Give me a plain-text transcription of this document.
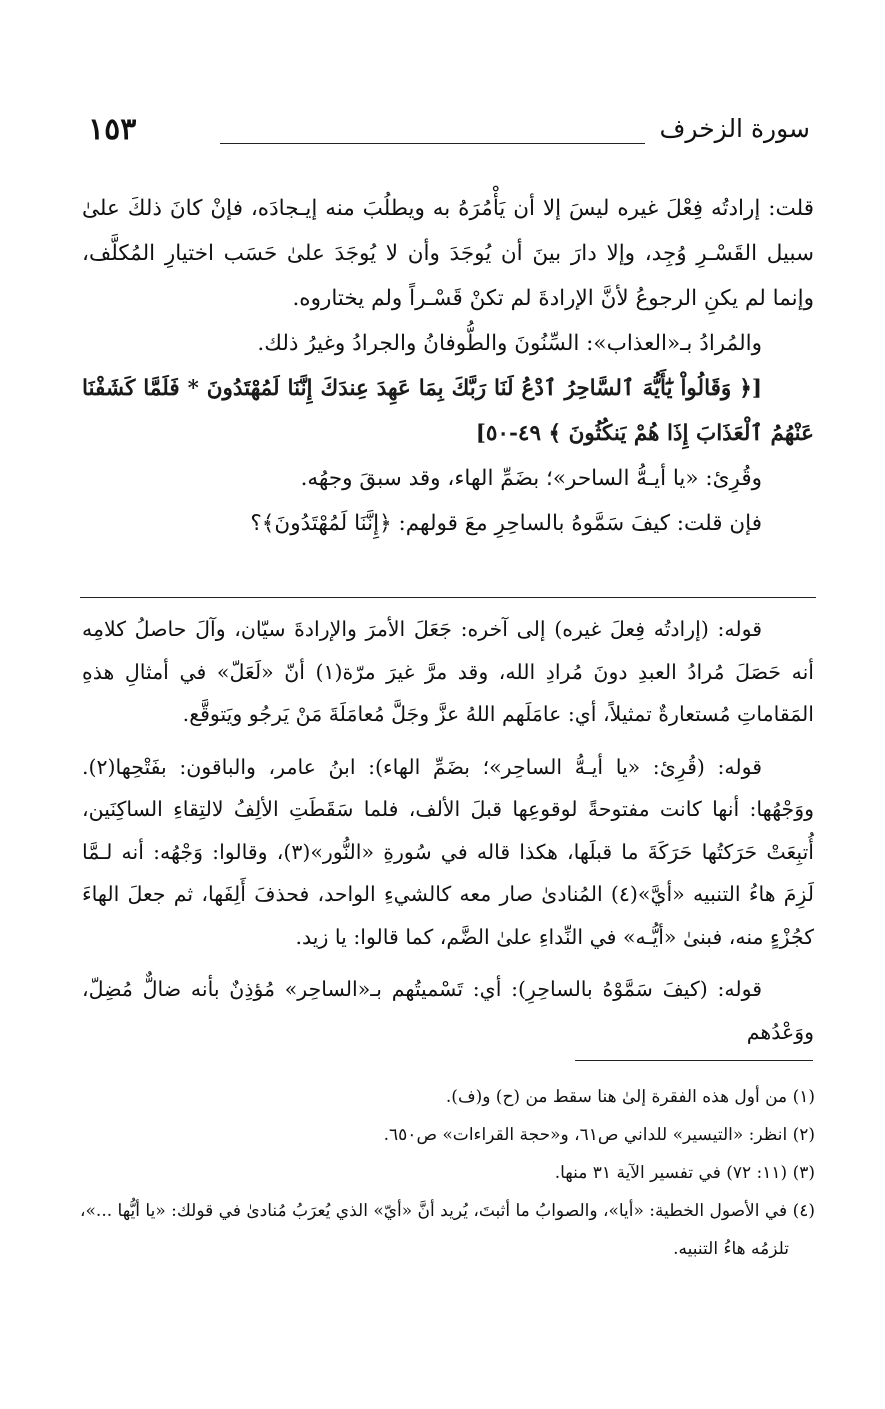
سورة الزخرف
١٥٣

قلت: إرادتُه فِعْلَ غيره ليسَ إلا أن يَأْمُرَهُ به ويطلُبَ منه إيـجادَه، فإنْ كانَ ذلكَ علىٰ سبيل القَسْـرِ وُجِد، وإلا دارَ بينَ أن يُوجَدَ وأن لا يُوجَدَ علىٰ حَسَب اختيارِ المُكلَّف، وإنما لم يكنِ الرجوعُ لأنَّ الإرادةَ لم تكنْ قَسْـراً ولم يختاروه.

والمُرادُ بـ«العذاب»: السِّنُونَ والطُّوفانُ والجرادُ وغيرُ ذلك.

[﴿ وَقَالُواْ يَٰٓأَيُّهَ ٱلسَّاحِرُ ٱدْعُ لَنَا رَبَّكَ بِمَا عَهِدَ عِندَكَ إِنَّنَا لَمُهْتَدُونَ * فَلَمَّا كَشَفْنَا عَنْهُمُ ٱلْعَذَابَ إِذَا هُمْ يَنكُثُونَ ﴾ ٤٩-٥٠]

وقُرِئ: «يا أيـهُّ الساحر»؛ بضَمِّ الهاء، وقد سبقَ وجهُه.

فإن قلت: كيفَ سَمَّوهُ بالساحِرِ معَ قولهم: ﴿إِنَّنَا لَمُهْتَدُونَ﴾؟

قوله: (إرادتُه فِعلَ غيره) إلى آخره: جَعَلَ الأمرَ والإرادةَ سيّان، وآلَ حاصلُ كلامِه أنه حَصَلَ مُرادُ العبدِ دونَ مُرادِ الله، وقد مرَّ غيرَ مرّة(١) أنّ «لَعَلّ» في أمثالِ هذهِ المَقاماتِ مُستعارةٌ تمثيلاً، أي: عامَلَهم اللهُ عزَّ وجَلَّ مُعامَلَةَ مَنْ يَرجُو ويَتوقَّع.

قوله: (قُرِئ: «يا أيـهُّ الساحِر»؛ بضَمِّ الهاء): ابنُ عامر، والباقون: بفَتْحِها(٢). ووَجْهُها: أنها كانت مفتوحةً لوقوعِها قبلَ الألف، فلما سَقَطَتِ الألِفُ لالتِقاءِ الساكِنَين، أُتبِعَتْ حَرَكتُها حَرَكَةَ ما قبلَها، هكذا قاله في سُورةِ «النُّور»(٣)، وقالوا: وَجْهُه: أنه لـمَّا لَزِمَ هاءُ التنبيه «أيَّ»(٤) المُنادىٰ صار معه كالشيءِ الواحد، فحذفَ أَلِفَها، ثم جعلَ الهاءَ كجُزْءٍ منه، فبنىٰ «أيُّـه» في النِّداءِ علىٰ الضَّم، كما قالوا: يا زيد.

قوله: (كيفَ سَمَّوْهُ بالساحِرِ): أي: تَسْميتُهم بـ«الساحِر» مُؤذِنٌ بأنه ضالٌّ مُضِلّ، ووَعْدُهم

(١) من أول هذه الفقرة إلىٰ هنا سقط من (ح) و(ف).

(٢) انظر: «التيسير» للداني ص٦١، و«حجة القراءات» ص٦٥٠.

(٣) (١١: ٧٢) في تفسير الآية ٣١ منها.

(٤) في الأصول الخطية: «أيا»، والصوابُ ما أثبتَ، يُريد أنَّ «أيّ» الذي يُعرَبُ مُنادىٰ في قولك: «يا أيُّها ...»،

تلزمُه هاءُ التنبيه.
